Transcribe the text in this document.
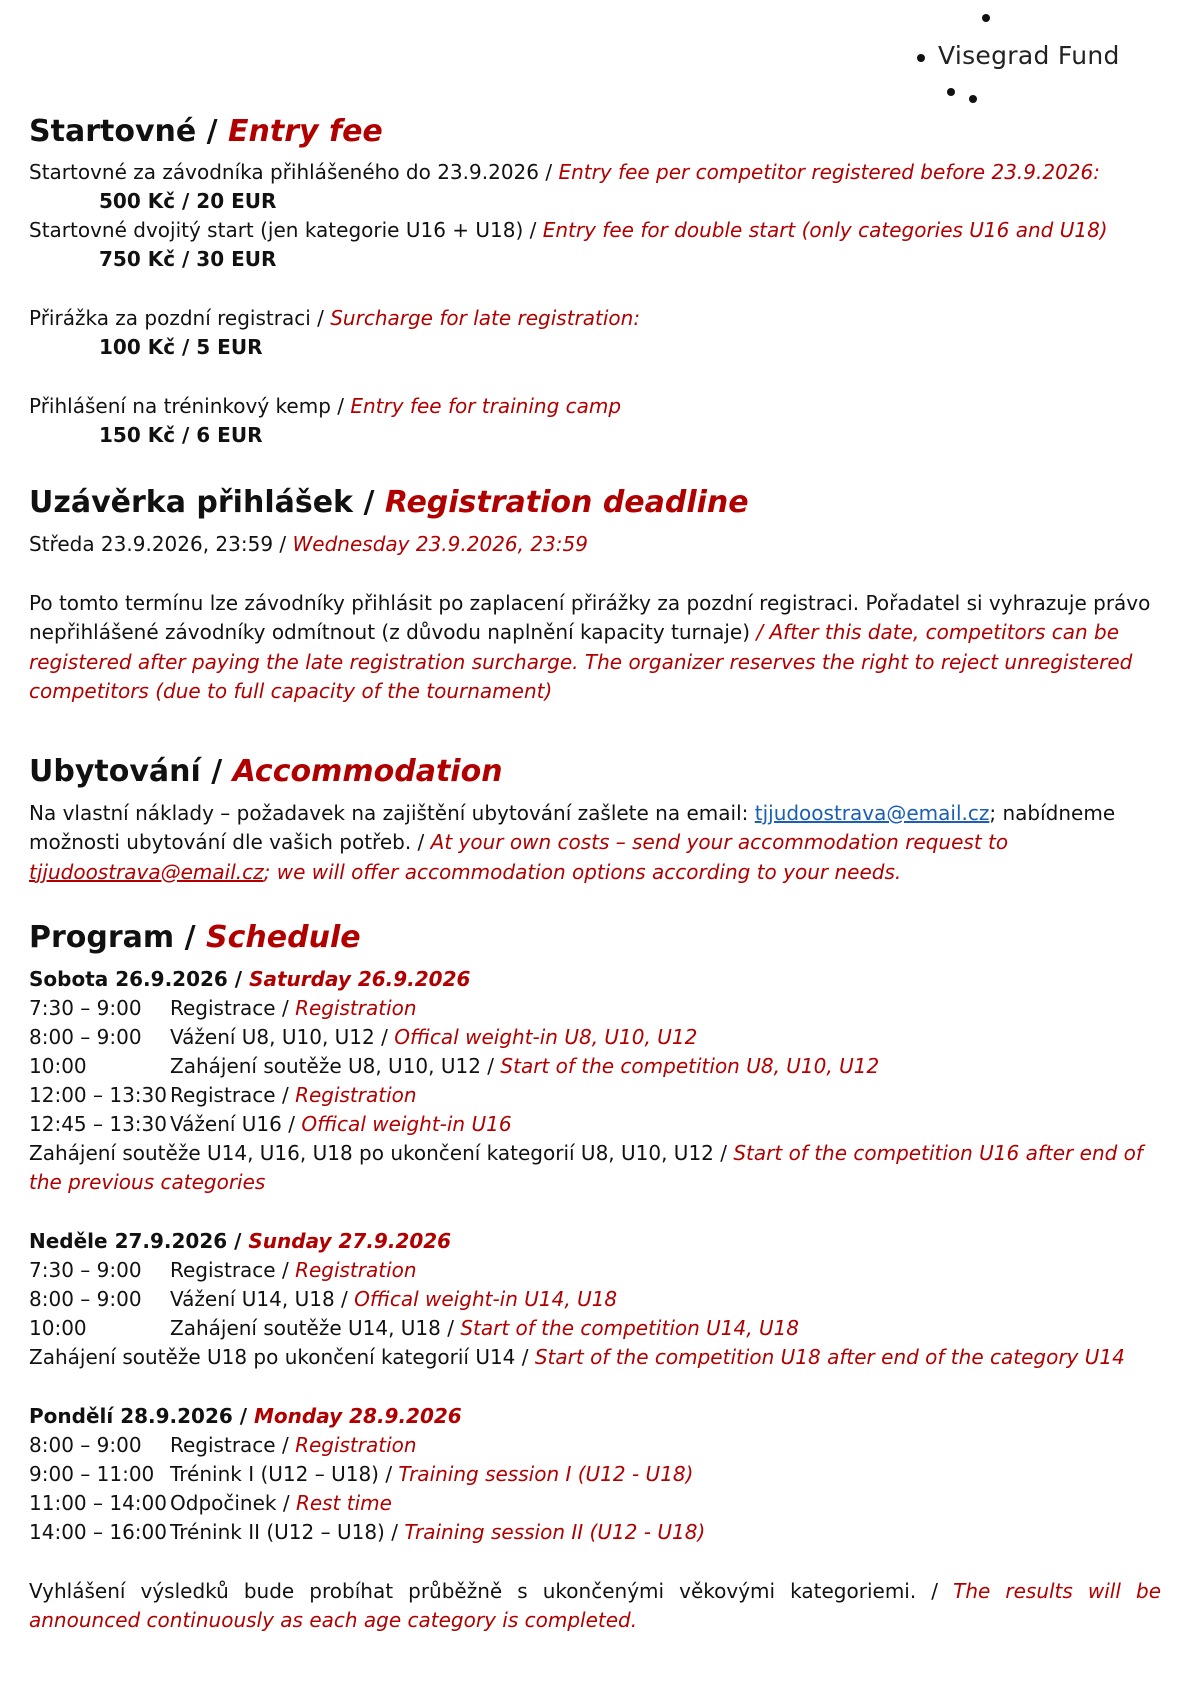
Visegrad Fund
Startovné / Entry fee
Startovné za závodníka přihlášeného do 23.9.2026 / Entry fee per competitor registered before 23.9.2026:
500 Kč / 20 EUR
Startovné dvojitý start (jen kategorie U16 + U18) / Entry fee for double start (only categories U16 and U18)
750 Kč / 30 EUR
Přirážka za pozdní registraci / Surcharge for late registration:
100 Kč / 5 EUR
Přihlášení na tréninkový kemp / Entry fee for training camp
150 Kč / 6 EUR
Uzávěrka přihlášek / Registration deadline
Středa 23.9.2026, 23:59 / Wednesday 23.9.2026, 23:59
Po tomto termínu lze závodníky přihlásit po zaplacení přirážky za pozdní registraci. Pořadatel si vyhrazuje právo nepřihlášené závodníky odmítnout (z důvodu naplnění kapacity turnaje) / After this date, competitors can be registered after paying the late registration surcharge. The organizer reserves the right to reject unregistered competitors (due to full capacity of the tournament)
Ubytování / Accommodation
Na vlastní náklady – požadavek na zajištění ubytování zašlete na email: tjjudoostrava@email.cz; nabídneme možnosti ubytování dle vašich potřeb. / At your own costs – send your accommodation request to tjjudoostrava@email.cz; we will offer accommodation options according to your needs.
Program / Schedule
Sobota 26.9.2026 / Saturday 26.9.2026
7:30 – 9:00 Registrace / Registration
8:00 – 9:00 Vážení U8, U10, U12 / Offical weight-in U8, U10, U12
10:00	Zahájení soutěže U8, U10, U12 / Start of the competition U8, U10, U12
12:00 – 13:30 Registrace / Registration
12:45 – 13:30 Vážení U16 / Offical weight-in U16
Zahájení soutěže U14, U16, U18 po ukončení kategorií U8, U10, U12 / Start of the competition U16 after end of the previous categories
Neděle 27.9.2026 / Sunday 27.9.2026
7:30 – 9:00 Registrace / Registration
8:00 – 9:00 Vážení U14, U18 / Offical weight-in U14, U18
10:00	Zahájení soutěže U14, U18 / Start of the competition U14, U18
Zahájení soutěže U18 po ukončení kategorií U14 / Start of the competition U18 after end of the category U14
Pondělí 28.9.2026 / Monday 28.9.2026
8:00 – 9:00 Registrace / Registration
9:00 – 11:00 Trénink I (U12 – U18) / Training session I (U12 - U18)
11:00 – 14:00 Odpočinek / Rest time
14:00 – 16:00 Trénink II (U12 – U18) / Training session II (U12 - U18)
Vyhlášení výsledků bude probíhat průběžně s ukončenými věkovými kategoriemi. / The results will be announced continuously as each age category is completed.
